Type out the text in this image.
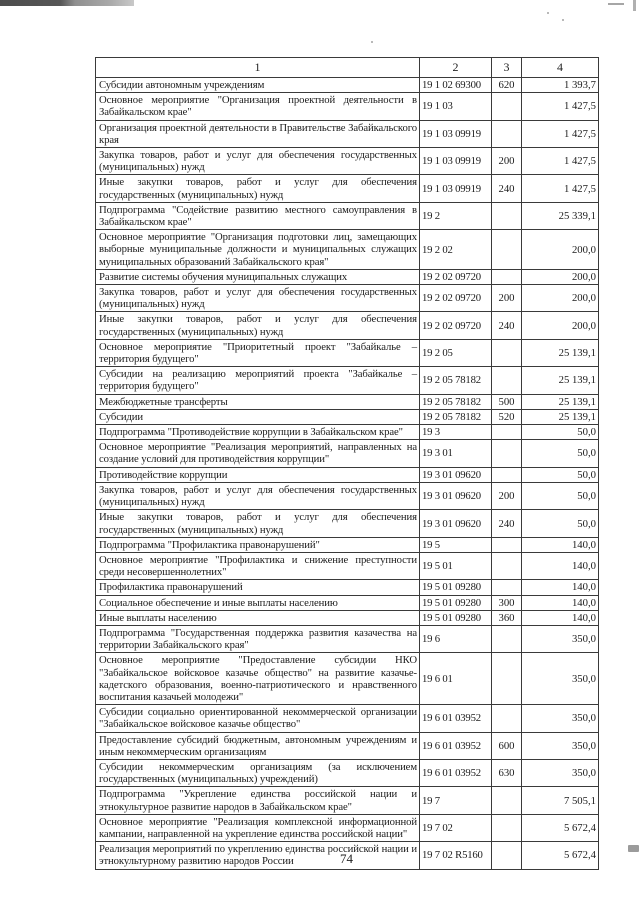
1	2	3	4
Субсидии автономным учреждениям	19 1 02 69300	620	1 393,7
Основное мероприятие "Организация проектной деятельности в Забайкальском крае"	19 1 03		1 427,5
Организация проектной деятельности в Правительстве Забайкальского края	19 1 03 09919		1 427,5
Закупка товаров, работ и услуг для обеспечения государственных (муниципальных) нужд	19 1 03 09919	200	1 427,5
Иные закупки товаров, работ и услуг для обеспечения государственных (муниципальных) нужд	19 1 03 09919	240	1 427,5
Подпрограмма "Содействие развитию местного самоуправления в Забайкальском крае"	19 2		25 339,1
Основное мероприятие "Организация подготовки лиц, замещающих выборные муниципальные должности и муниципальных служащих муниципальных образований Забайкальского края"	19 2 02		200,0
Развитие системы обучения муниципальных служащих	19 2 02 09720		200,0
Закупка товаров, работ и услуг для обеспечения государственных (муниципальных) нужд	19 2 02 09720	200	200,0
Иные закупки товаров, работ и услуг для обеспечения государственных (муниципальных) нужд	19 2 02 09720	240	200,0
Основное мероприятие "Приоритетный проект "Забайкалье – территория будущего"	19 2 05		25 139,1
Субсидии на реализацию мероприятий проекта "Забайкалье – территория будущего"	19 2 05 78182		25 139,1
Межбюджетные трансферты	19 2 05 78182	500	25 139,1
Субсидии	19 2 05 78182	520	25 139,1
Подпрограмма "Противодействие коррупции в Забайкальском крае"	19 3		50,0
Основное мероприятие "Реализация мероприятий, направленных на создание условий для противодействия коррупции"	19 3 01		50,0
Противодействие коррупции	19 3 01 09620		50,0
Закупка товаров, работ и услуг для обеспечения государственных (муниципальных) нужд	19 3 01 09620	200	50,0
Иные закупки товаров, работ и услуг для обеспечения государственных (муниципальных) нужд	19 3 01 09620	240	50,0
Подпрограмма "Профилактика правонарушений"	19 5		140,0
Основное мероприятие "Профилактика и снижение преступности среди несовершеннолетних"	19 5 01		140,0
Профилактика правонарушений	19 5 01 09280		140,0
Социальное обеспечение и иные выплаты населению	19 5 01 09280	300	140,0
Иные выплаты населению	19 5 01 09280	360	140,0
Подпрограмма "Государственная поддержка развития казачества на территории Забайкальского края"	19 6		350,0
Основное мероприятие "Предоставление субсидии НКО "Забайкальское войсковое казачье общество" на развитие казачье-кадетского образования, военно-патриотического и нравственного воспитания казачьей молодежи"	19 6 01		350,0
Субсидии социально ориентированной некоммерческой организации "Забайкальское войсковое казачье общество"	19 6 01 03952		350,0
Предоставление субсидий бюджетным, автономным учреждениям и иным некоммерческим организациям	19 6 01 03952	600	350,0
Субсидии некоммерческим организациям (за исключением государственных (муниципальных) учреждений)	19 6 01 03952	630	350,0
Подпрограмма "Укрепление единства российской нации и этнокультурное развитие народов в Забайкальском крае"	19 7		7 505,1
Основное мероприятие "Реализация комплексной информационной кампании, направленной на укрепление единства российской нации"	19 7 02		5 672,4
Реализация мероприятий по укреплению единства российской нации и этнокультурному развитию народов России	19 7 02 R5160		5 672,4
74
